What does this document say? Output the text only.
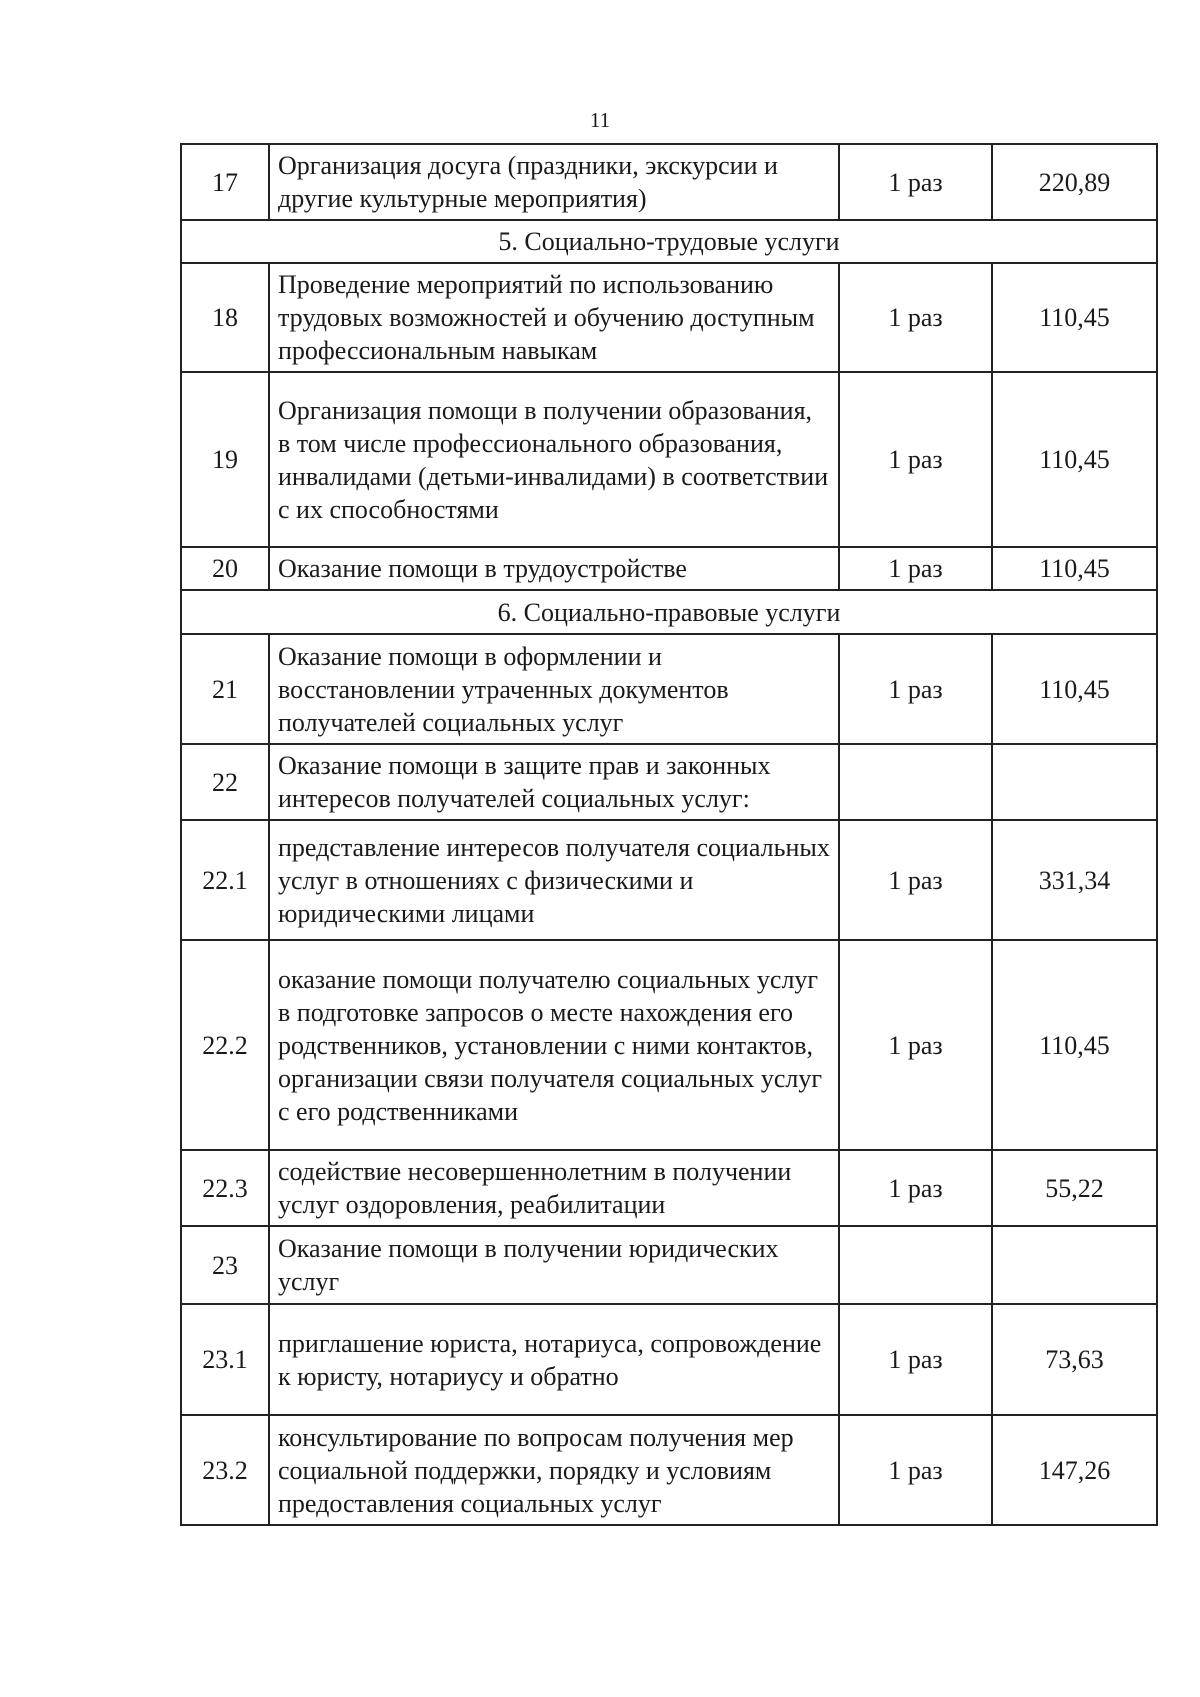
11
17	Организация досуга (праздники, экскурсии и другие культурные мероприятия)	1 раз	220,89
5. Социально-трудовые услуги			
18	Проведение мероприятий по использованию трудовых возможностей и обучению доступным профессиональным навыкам	1 раз	110,45
19	Организация помощи в получении образования, в том числе профессионального образования, инвалидами (детьми-инвалидами) в соответствии с их способностями	1 раз	110,45
20	Оказание помощи в трудоустройстве	1 раз	110,45
6. Социально-правовые услуги			
21	Оказание помощи в оформлении и восстановлении утраченных документов получателей социальных услуг	1 раз	110,45
22	Оказание помощи в защите прав и законных интересов получателей социальных услуг:		
22.1	представление интересов получателя социальных услуг в отношениях с физическими и юридическими лицами	1 раз	331,34
22.2	оказание помощи получателю социальных услуг в подготовке запросов о месте нахождения его родственников, установлении с ними контактов, организации связи получателя социальных услуг с его родственниками	1 раз	110,45
22.3	содействие несовершеннолетним в получении услуг оздоровления, реабилитации	1 раз	55,22
23	Оказание помощи в получении юридических услуг		
23.1	приглашение юриста, нотариуса, сопровождение к юристу, нотариусу и обратно	1 раз	73,63
23.2	консультирование по вопросам получения мер социальной поддержки, порядку и условиям предоставления социальных услуг	1 раз	147,26
